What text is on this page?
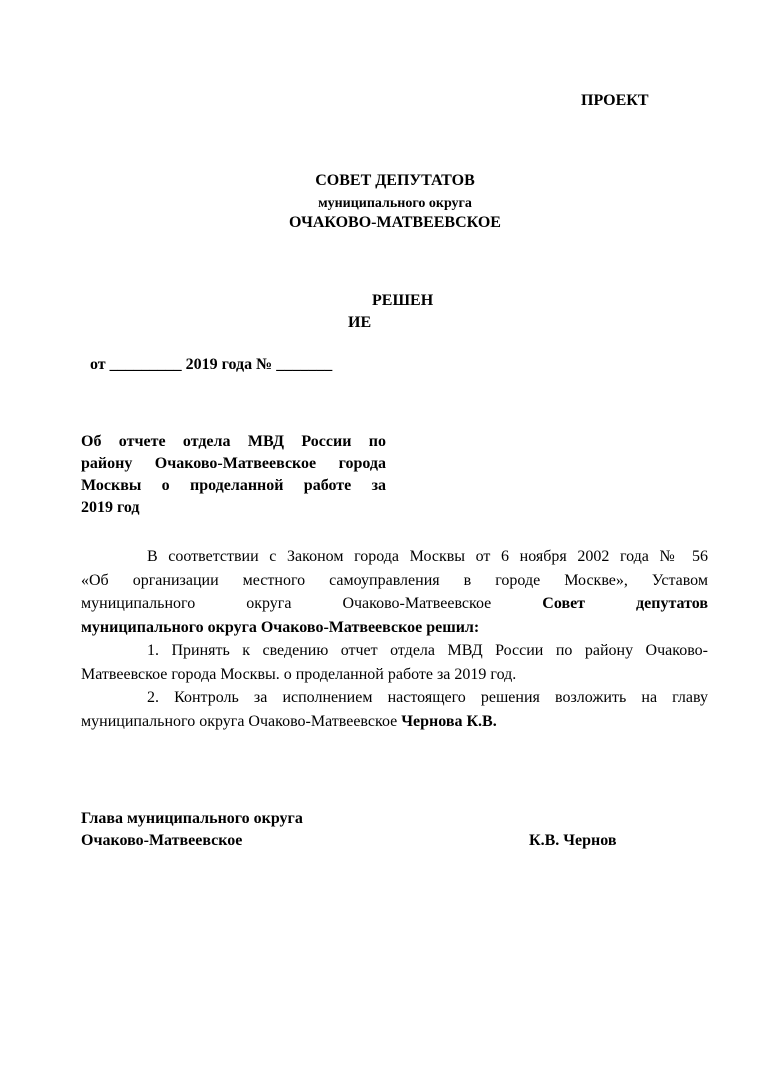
ПРОЕКТ

СОВЕТ ДЕПУТАТОВ

муниципального округа

ОЧАКОВО-МАТВЕЕВСКОЕ

РЕШЕН

ИЕ

от _________ 2019 года № _______

Об отчете отдела МВД России по
району Очаково-Матвеевское города
Москвы о проделанной работе за
2019 год
В соответствии с Законом города Москвы от 6 ноября 2002 года № 56
«Об организации местного самоуправления в городе Москве», Уставом
муниципального округа Очаково-Матвеевское Совет депутатов
муниципального округа Очаково-Матвеевское решил:
1. Принять к сведению отчет отдела МВД России по району Очаково-
Матвеевское города Москвы. о проделанной работе за 2019 год.
2. Контроль за исполнением настоящего решения возложить на главу
муниципального округа Очаково-Матвеевское Чернова К.В.

Глава муниципального округа

Очаково-Матвеевское	К.В. Чернов
